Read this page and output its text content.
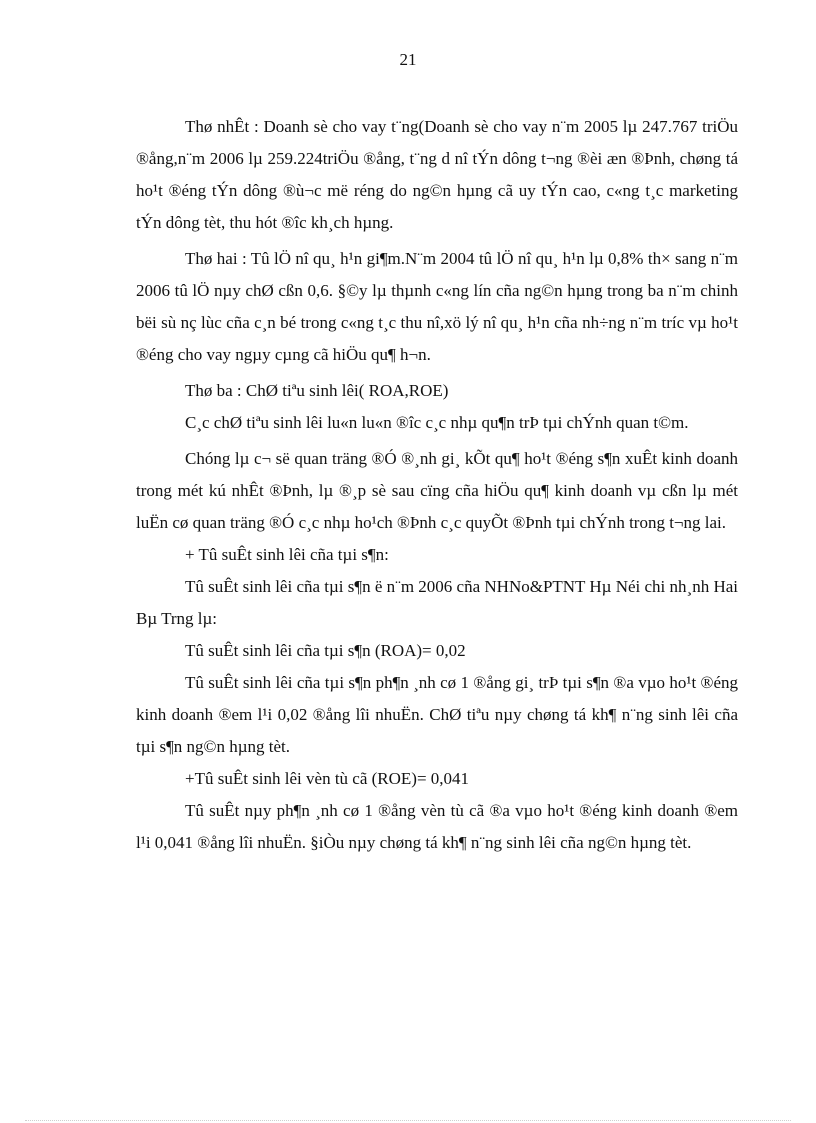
21

Thø nhÊt : Doanh sè cho vay t¨ng(Doanh sè cho vay n¨m 2005 lµ 247.767 triÖu ®ång,n¨m 2006 lµ 259.224triÖu ®ång, t¨ng d nî tÝn dông t¬ng ®èi æn ®Þnh, chøng tá ho¹t ®éng tÝn dông ®ù¬c më réng do ng©n hµng cã uy tÝn cao, c«ng t¸c marketing tÝn dông tèt, thu hót ®îc kh¸ch hµng.

Thø hai : Tû lÖ nî qu¸ h¹n gi¶m.N¨m 2004 tû lÖ nî qu¸ h¹n lµ 0,8% th× sang n¨m 2006 tû lÖ nµy chØ cßn 0,6. §©y lµ thµnh c«ng lín cña ng©n hµng trong ba n¨m chinh bëi sù nç lùc cña c¸n bé trong c«ng t¸c thu nî,xö lý nî qu¸ h¹n cña nh÷ng n¨m tríc vµ ho¹t ®éng cho vay ngµy cµng cã hiÖu qu¶ h¬n.

Thø ba : ChØ tiªu sinh lêi( ROA,ROE)

C¸c chØ tiªu sinh lêi lu«n lu«n ®îc c¸c nhµ qu¶n trÞ tµi chÝnh quan t©m.

Chóng lµ c¬ së quan träng ®Ó ®¸nh gi¸ kÕt qu¶ ho¹t ®éng s¶n xuÊt kinh doanh trong mét kú nhÊt ®Þnh, lµ ®¸p sè sau cïng cña hiÖu qu¶ kinh doanh vµ cßn lµ mét luËn cø quan träng ®Ó c¸c nhµ ho¹ch ®Þnh c¸c quyÕt ®Þnh tµi chÝnh trong t¬ng lai.

+ Tû suÊt sinh lêi cña tµi s¶n:

Tû suÊt sinh lêi cña tµi s¶n ë n¨m 2006 cña NHNo&PTNT Hµ Néi chi nh¸nh Hai Bµ Trng lµ:

Tû suÊt sinh lêi cña tµi s¶n (ROA)= 0,02

Tû suÊt sinh lêi cña tµi s¶n ph¶n ¸nh cø 1 ®ång gi¸ trÞ tµi s¶n ®a vµo ho¹t ®éng kinh doanh ®em l¹i 0,02 ®ång lîi nhuËn. ChØ tiªu nµy chøng tá kh¶ n¨ng sinh lêi cña tµi s¶n ng©n hµng tèt.

+Tû suÊt sinh lêi vèn tù cã (ROE)= 0,041

Tû suÊt nµy ph¶n ¸nh cø 1 ®ång vèn tù cã ®a vµo ho¹t ®éng kinh doanh ®em l¹i 0,041 ®ång lîi nhuËn. §iÒu nµy chøng tá kh¶ n¨ng sinh lêi cña ng©n hµng tèt.
